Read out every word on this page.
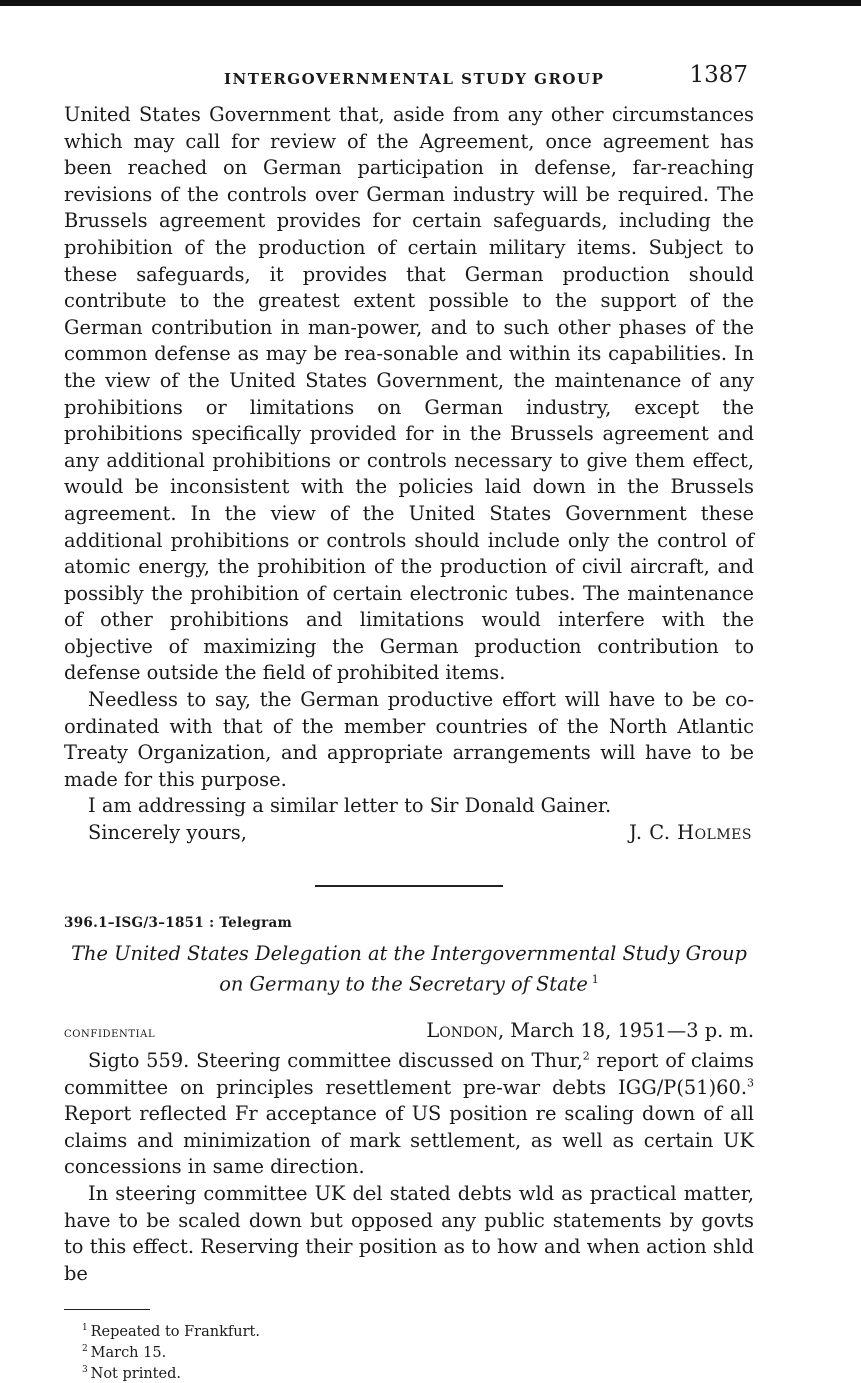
INTERGOVERNMENTAL STUDY GROUP	1387

United States Government that, aside from any other circumstances which may call for review of the Agreement, once agreement has been reached on German participation in defense, far-reaching revisions of the controls over German industry will be required. The Brussels agreement provides for certain safeguards, including the prohibition of the production of certain military items. Subject to these safeguards, it provides that German production should contribute to the greatest extent possible to the support of the German contribution in man-power, and to such other phases of the common defense as may be rea-sonable and within its capabilities. In the view of the United States Government, the maintenance of any prohibitions or limitations on German industry, except the prohibitions specifically provided for in the Brussels agreement and any additional prohibitions or controls necessary to give them effect, would be inconsistent with the policies laid down in the Brussels agreement. In the view of the United States Government these additional prohibitions or controls should include only the control of atomic energy, the prohibition of the production of civil aircraft, and possibly the prohibition of certain electronic tubes. The maintenance of other prohibitions and limitations would interfere with the objective of maximizing the German production contribution to defense outside the field of prohibited items.

Needless to say, the German productive effort will have to be co-ordinated with that of the member countries of the North Atlantic Treaty Organization, and appropriate arrangements will have to be made for this purpose.

I am addressing a similar letter to Sir Donald Gainer.

Sincerely yours,	J. C. Holmes
396.1–ISG/3–1851 : Telegram
The United States Delegation at the Intergovernmental Study Group on Germany to the Secretary of State  $^1$
confidential	London, March 18, 1951—3 p. m.

Sigto 559. Steering committee discussed on Thur,$^2$ report of claims committee on principles resettlement pre-war debts IGG/P(51)60.$^3$ Report reflected Fr acceptance of US position re scaling down of all claims and minimization of mark settlement, as well as certain UK concessions in same direction.

In steering committee UK del stated debts wld as practical matter, have to be scaled down but opposed any public statements by govts to this effect. Reserving their position as to how and when action shld be

$^1$  Repeated to Frankfurt.
$^2$  March 15.
$^3$  Not printed.
